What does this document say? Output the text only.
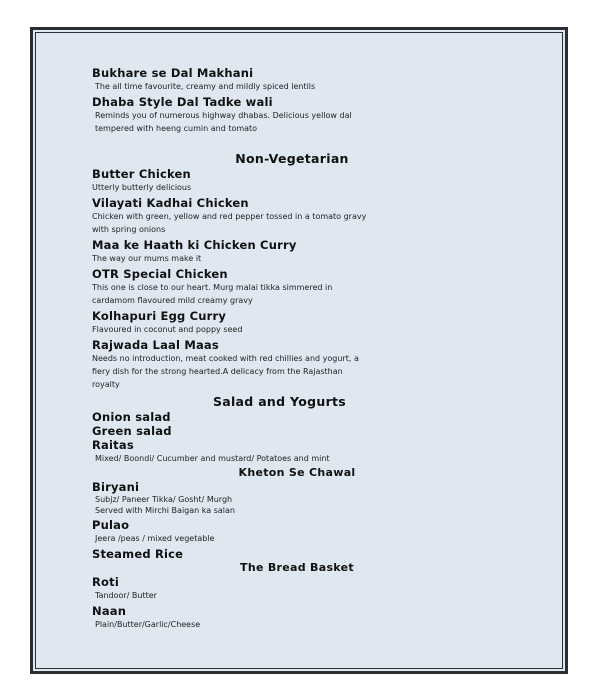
Bukhare se Dal Makhani
The all time favourite, creamy and mildly spiced lentils
Dhaba Style Dal Tadke wali
Reminds you of numerous highway dhabas. Delicious yellow dal
tempered with heeng cumin and tomato
Non-Vegetarian
Butter Chicken
Utterly butterly delicious
Vilayati Kadhai Chicken
Chicken with green, yellow and red pepper tossed in a tomato gravy
with spring onions
Maa ke Haath ki Chicken Curry
The way our mums make it
OTR Special Chicken
This one is close to our heart. Murg malai tikka simmered in
cardamom flavoured mild creamy gravy
Kolhapuri Egg Curry
Flavoured in coconut and poppy seed
Rajwada Laal Maas
Needs no introduction, meat cooked with red chillies and yogurt, a
fiery dish for the strong hearted.A delicacy from the Rajasthan
royalty
Salad and Yogurts
Onion salad
Green salad
Raitas
Mixed/ Boondi/ Cucumber and mustard/ Potatoes and mint
Kheton Se Chawal
Biryani
Subjz/ Paneer Tikka/ Gosht/ Murgh
Served with Mirchi Baigan ka salan
Pulao
Jeera /peas / mixed vegetable
Steamed Rice
The Bread Basket
Roti
Tandoor/ Butter
Naan
Plain/Butter/Garlic/Cheese
